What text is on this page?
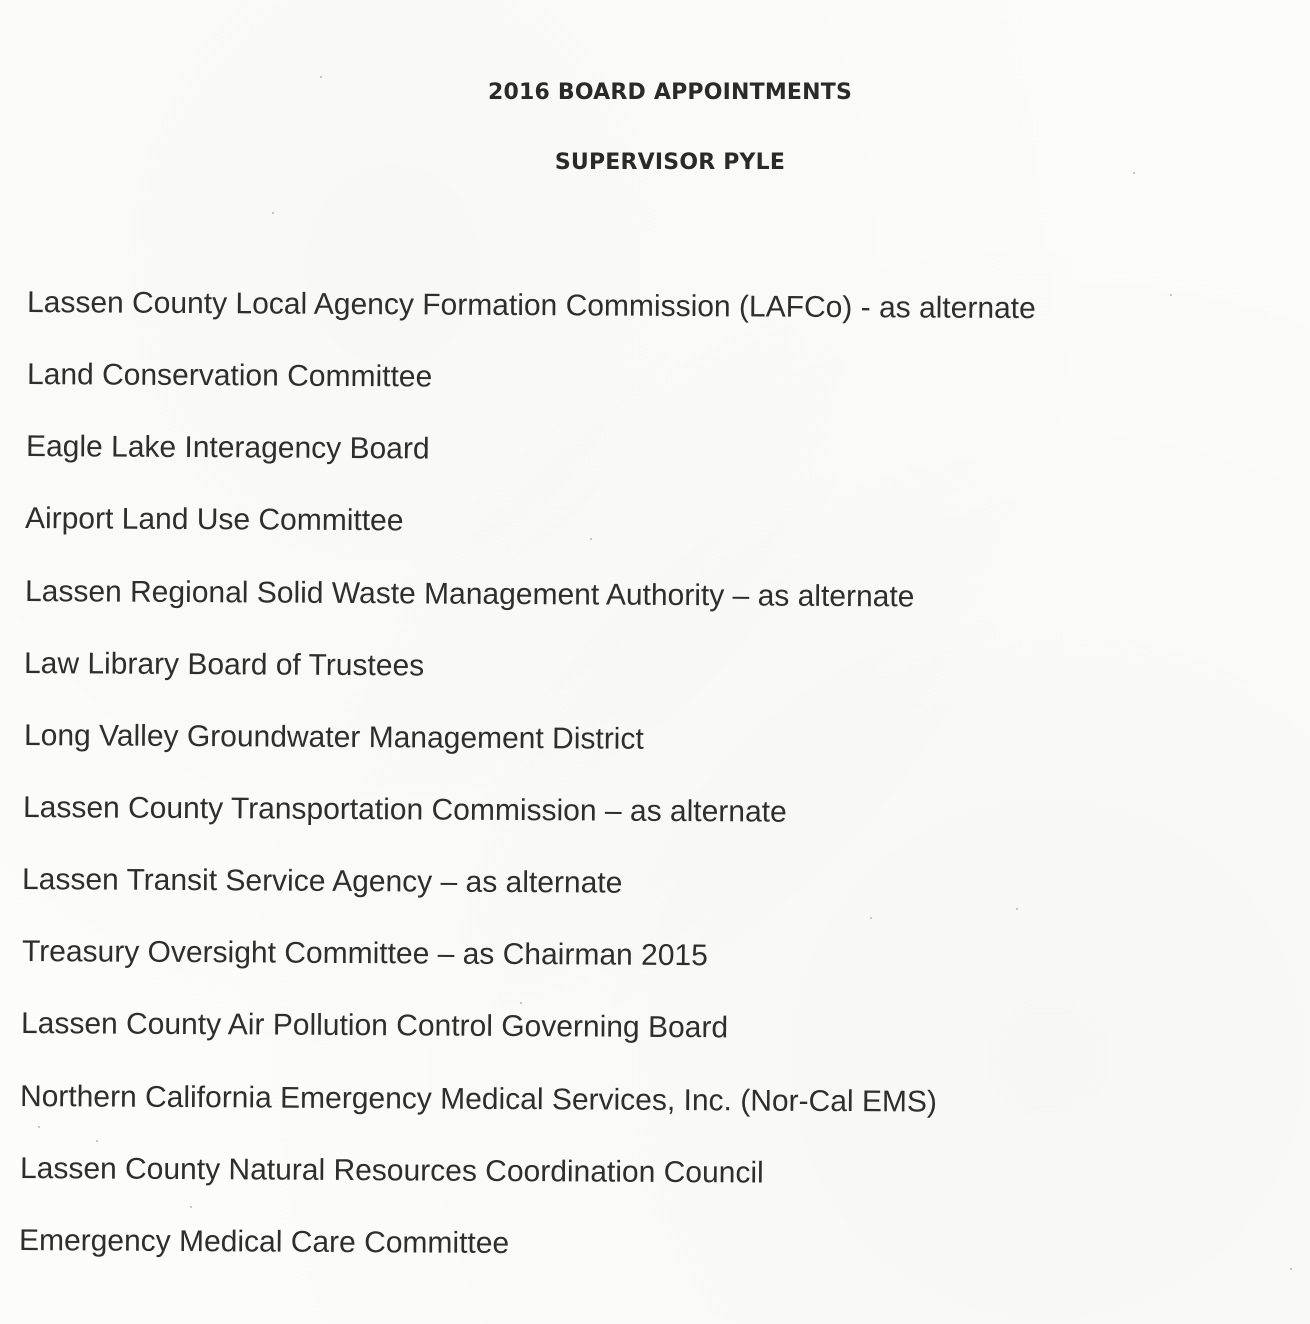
2016 BOARD APPOINTMENTS
SUPERVISOR PYLE
Lassen County Local Agency Formation Commission (LAFCo) - as alternate
Land Conservation Committee
Eagle Lake Interagency Board
Airport Land Use Committee
Lassen Regional Solid Waste Management Authority – as alternate
Law Library Board of Trustees
Long Valley Groundwater Management District
Lassen County Transportation Commission – as alternate
Lassen Transit Service Agency – as alternate
Treasury Oversight Committee – as Chairman 2015
Lassen County Air Pollution Control Governing Board
Northern California Emergency Medical Services, Inc. (Nor-Cal EMS)
Lassen County Natural Resources Coordination Council
Emergency Medical Care Committee
